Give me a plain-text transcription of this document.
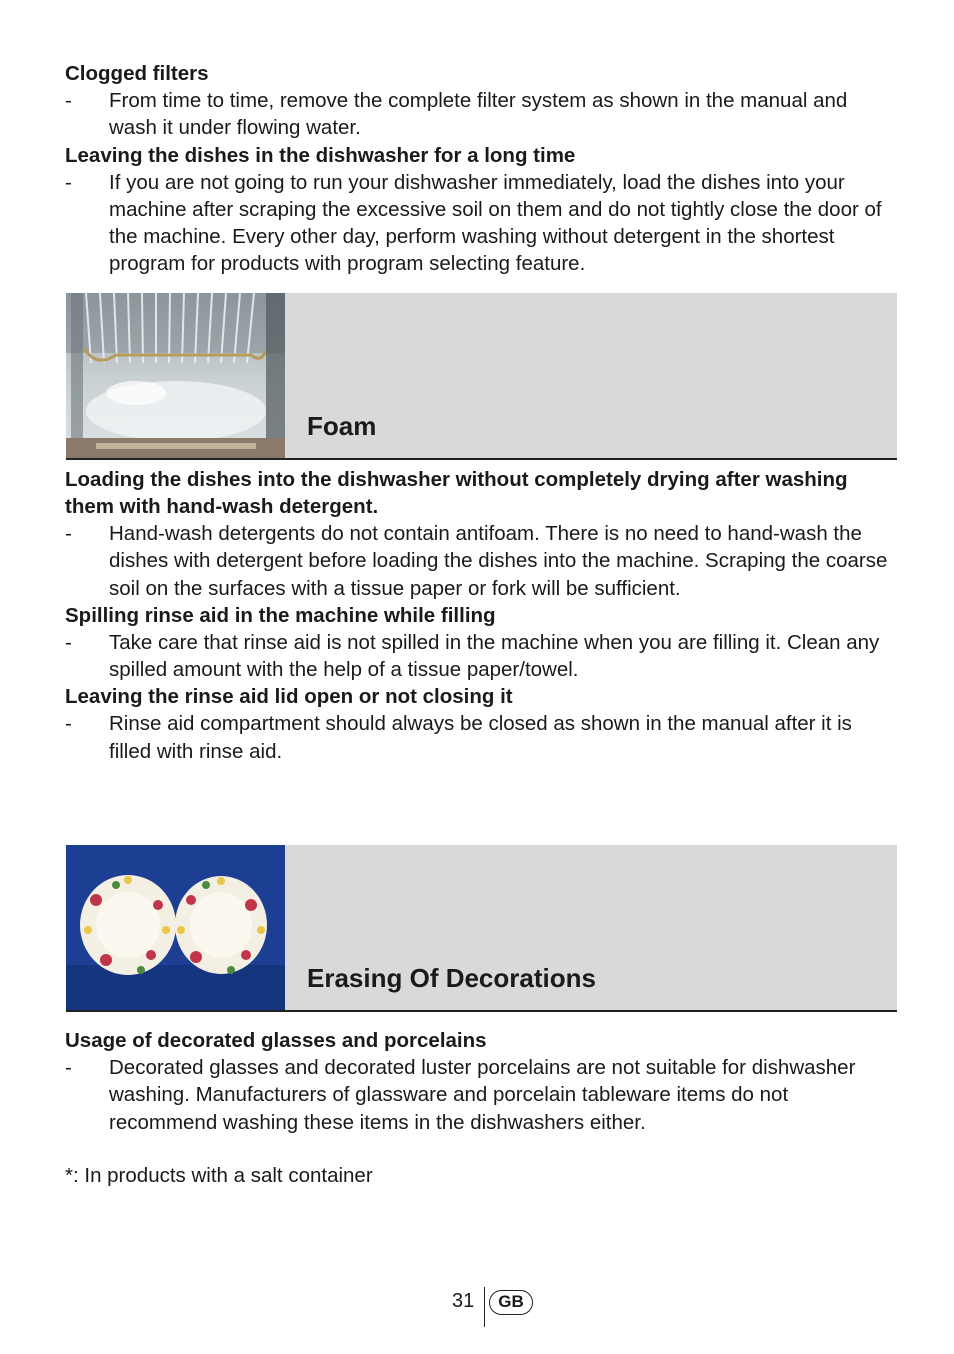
Clogged filters

- From time to time, remove the complete filter system as shown in the manual and wash it under flowing water.

Leaving the dishes in the dishwasher for a long time

- If you are not going to run your dishwasher immediately, load the dishes into your machine after scraping the excessive soil on them and do not tightly close the door of the machine. Every other day, perform washing without detergent in the shortest program for products with program selecting feature.

Foam

Loading the dishes into the dishwasher without completely drying after washing them with hand-wash detergent.

- Hand-wash detergents do not contain antifoam. There is no need to hand-wash the dishes with detergent before loading the dishes into the machine. Scraping the coarse soil on the surfaces with a tissue paper or fork will be sufficient.

Spilling rinse aid in the machine while filling

- Take care that rinse aid is not spilled in the machine when you are filling it. Clean any spilled amount with the help of a tissue paper/towel.

Leaving the rinse aid lid open or not closing it

- Rinse aid compartment should always be closed as shown in the manual after it is filled with rinse aid.

Erasing Of Decorations

Usage of decorated glasses and porcelains

- Decorated glasses and decorated luster porcelains are not suitable for dishwasher washing. Manufacturers of glassware and porcelain tableware items do not recommend washing these items in the dishwashers either.

*: In products with a salt container
31	GB
